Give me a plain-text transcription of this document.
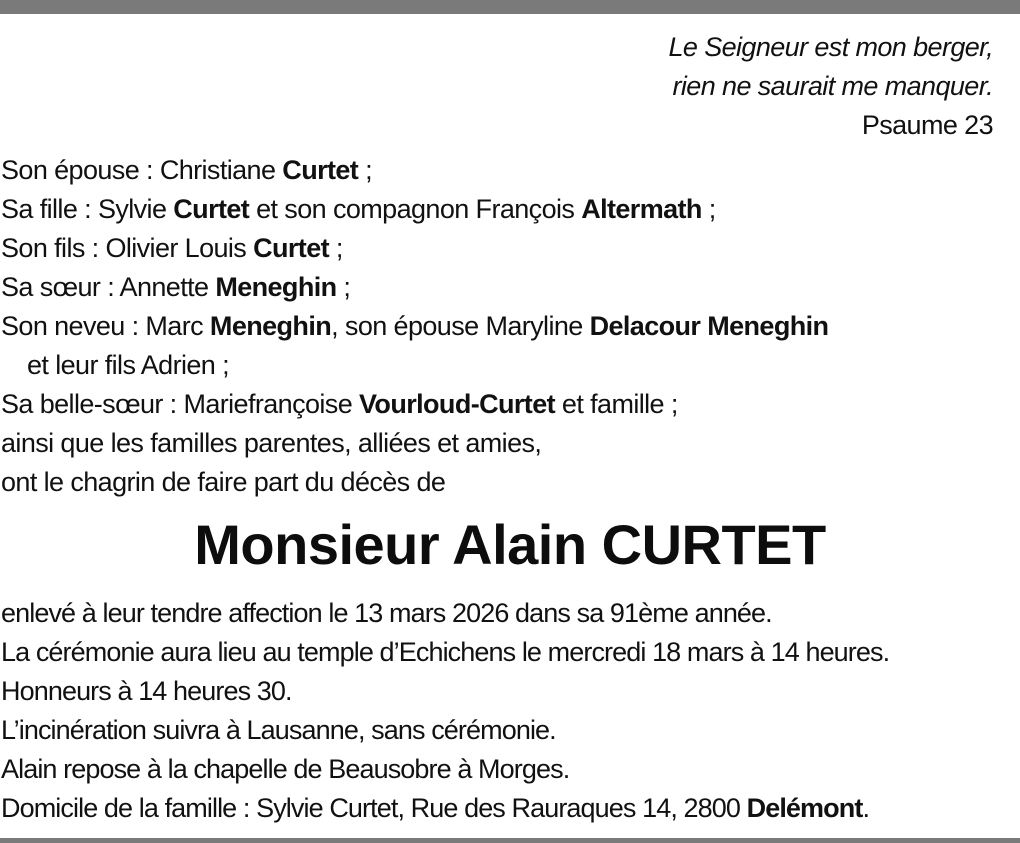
Le Seigneur est mon berger,
rien ne saurait me manquer.
Psaume 23
Son épouse : Christiane Curtet ;
Sa fille : Sylvie Curtet et son compagnon François Altermath ;
Son fils : Olivier Louis Curtet ;
Sa sœur : Annette Meneghin ;
Son neveu : Marc Meneghin, son épouse Maryline Delacour Meneghin
et leur fils Adrien ;
Sa belle-sœur : Mariefrançoise Vourloud-Curtet et famille ;
ainsi que les familles parentes, alliées et amies,
ont le chagrin de faire part du décès de
Monsieur Alain CURTET
enlevé à leur tendre affection le 13 mars 2026 dans sa 91ème année.
La cérémonie aura lieu au temple d’Echichens le mercredi 18 mars à 14 heures.
Honneurs à 14 heures 30.
L’incinération suivra à Lausanne, sans cérémonie.
Alain repose à la chapelle de Beausobre à Morges.
Domicile de la famille : Sylvie Curtet, Rue des Rauraques 14, 2800 Delémont.
